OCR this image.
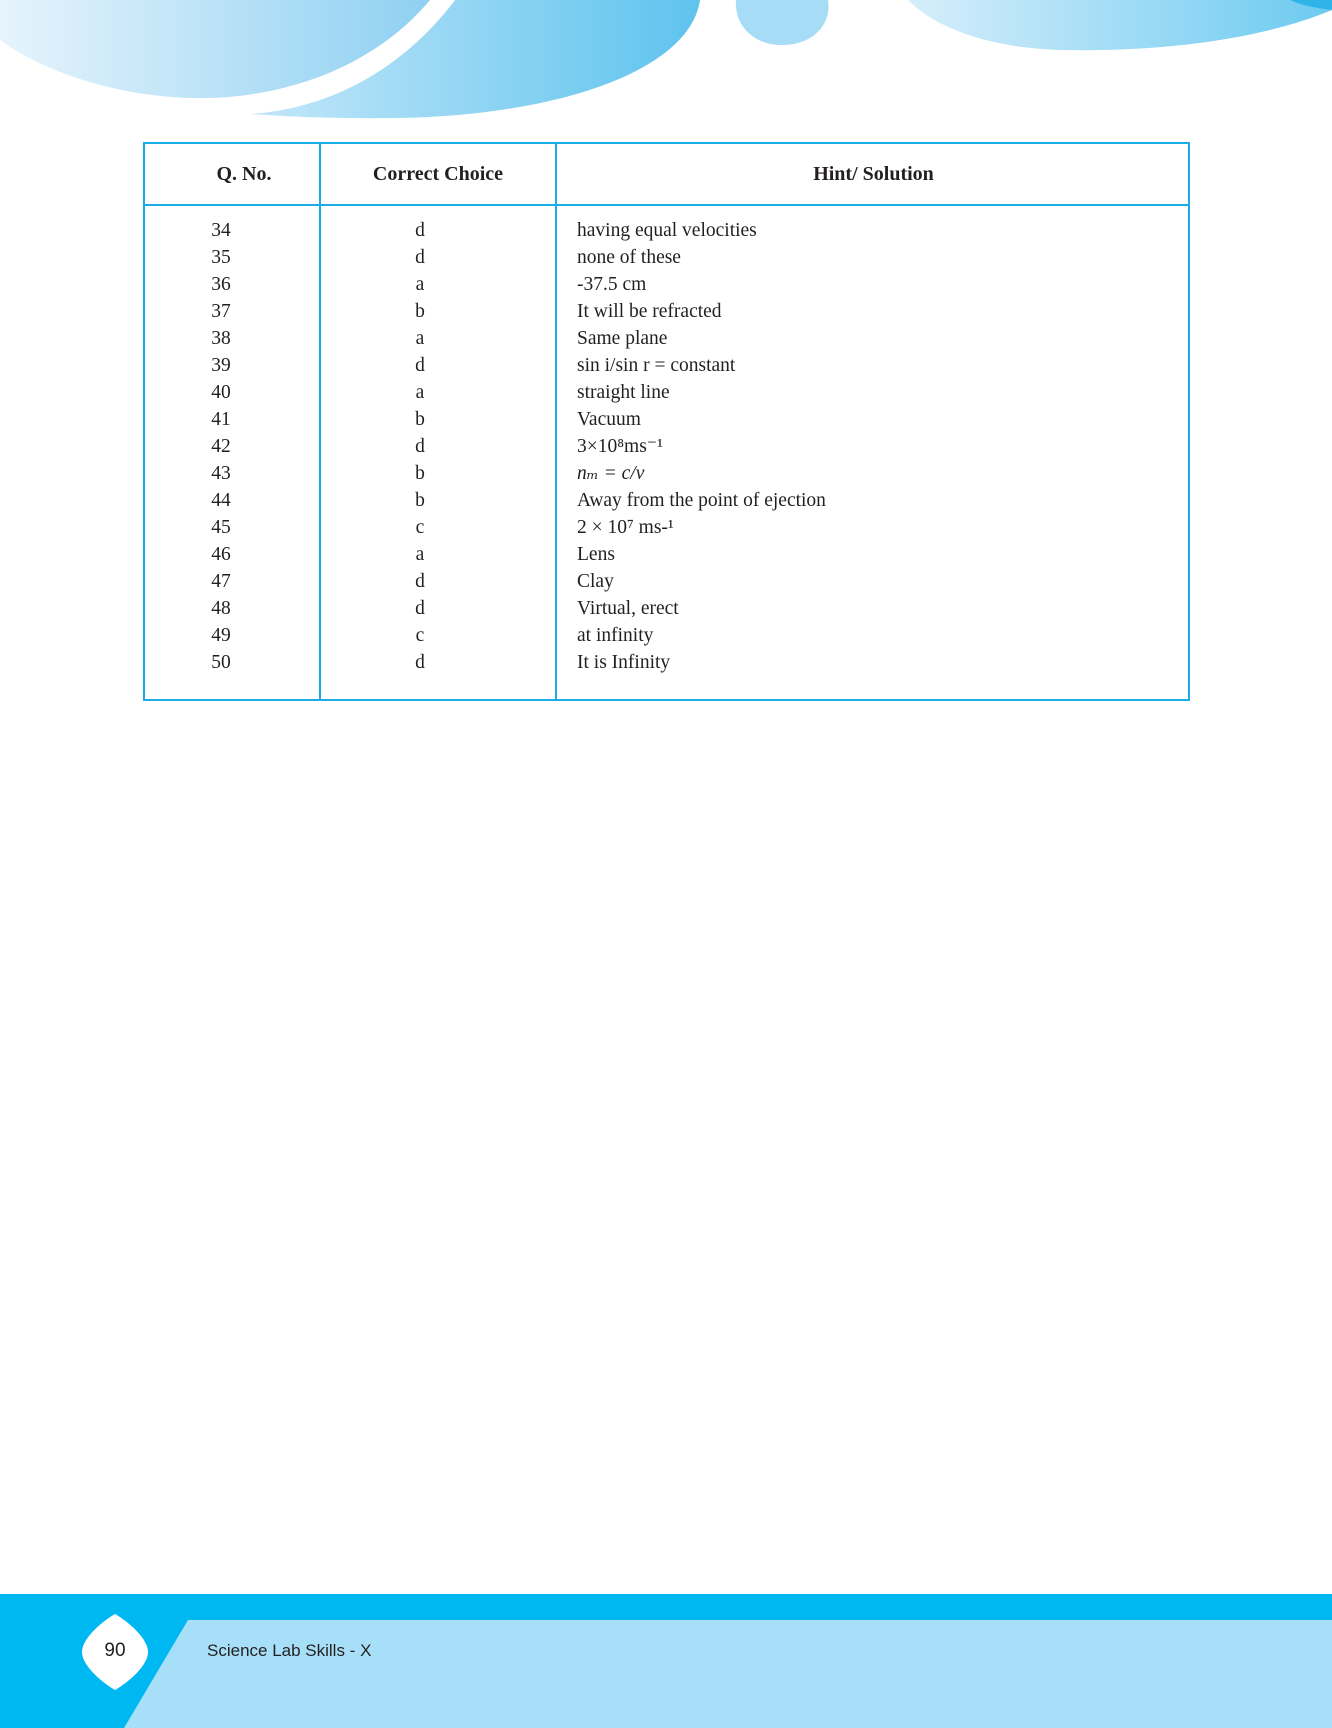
Q. No.	Correct Choice	Hint/ Solution
34	d	having equal velocities
35	d	none of these
36	a	-37.5 cm
37	b	It will be refracted
38	a	Same plane
39	d	sin i/sin r = constant
40	a	straight line
41	b	Vacuum
42	d	3×10⁸ms⁻¹
43	b	nₘ = c/v
44	b	Away from the point of ejection
45	c	2 × 10⁷ ms-¹
46	a	Lens
47	d	Clay
48	d	Virtual, erect
49	c	at infinity
50	d	It is Infinity
90	Science Lab Skills - X
